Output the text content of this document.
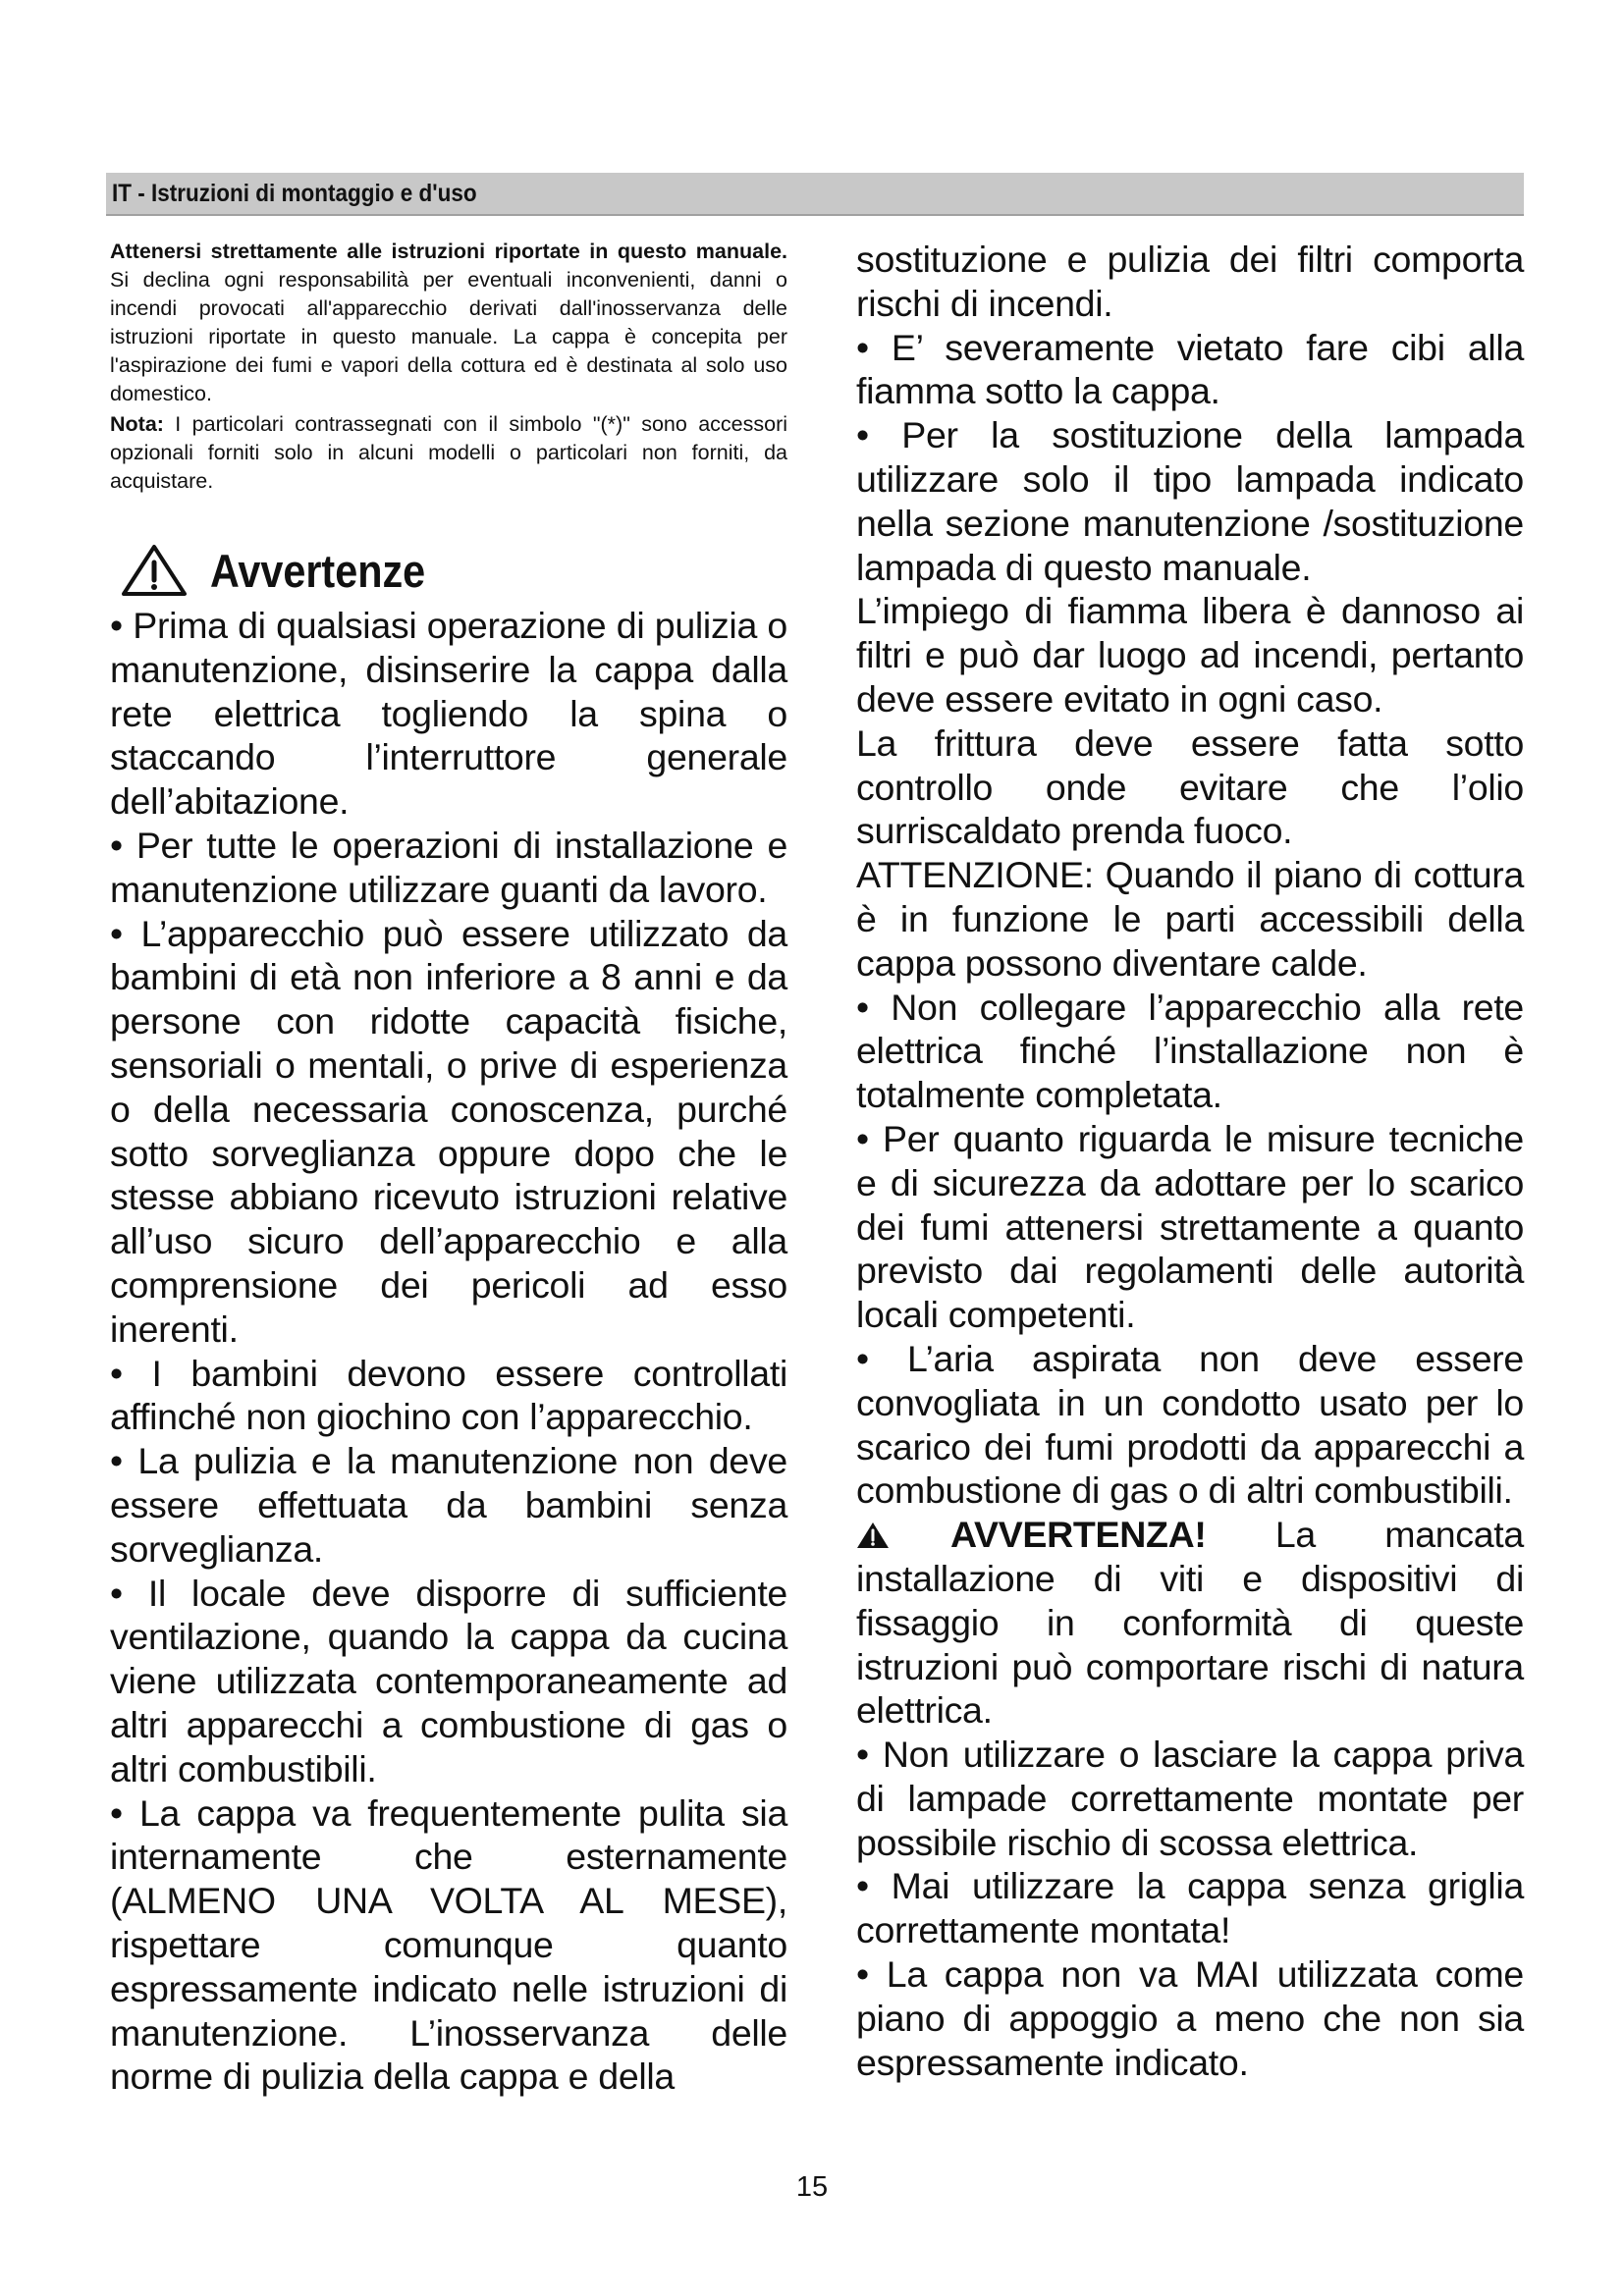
IT - Istruzioni di montaggio e d'uso
Attenersi strettamente alle istruzioni riportate in questo manuale. Si declina ogni responsabilità per eventuali inconvenienti, danni o incendi provocati all'apparecchio derivati dall'inosservanza delle istruzioni riportate in questo manuale. La cappa è concepita per l'aspirazione dei fumi e vapori della cottura ed è destinata al solo uso domestico.
Nota: I particolari contrassegnati con il simbolo "(*)" sono accessori opzionali forniti solo in alcuni modelli o particolari non forniti, da acquistare.
Avvertenze

• Prima di qualsiasi operazione di pulizia o manutenzione, disinserire la cappa dalla rete elettrica togliendo la spina o staccando l’interruttore generale dell’abitazione.

• Per tutte le operazioni di installazione e manutenzione utilizzare guanti da lavoro.

• L’apparecchio può essere utilizzato da bambini di età non inferiore a 8 anni e da persone con ridotte capacità fisiche, sensoriali o mentali, o prive di esperienza o della necessaria conoscenza, purché sotto sorveglianza oppure dopo che le stesse abbiano ricevuto istruzioni relative all’uso sicuro dell’apparecchio e alla comprensione dei pericoli ad esso inerenti.

• I bambini devono essere controllati affinché non giochino con l’apparecchio.

• La pulizia e la manutenzione non deve essere effettuata da bambini senza sorveglianza.

• Il locale deve disporre di sufficiente ventilazione, quando la cappa da cucina viene utilizzata contemporaneamente ad altri apparecchi a combustione di gas o altri combustibili.

• La cappa va frequentemente pulita sia internamente che esternamente (ALMENO UNA VOLTA AL MESE), rispettare comunque quanto espressamente indicato nelle istruzioni di manutenzione. L’inosservanza delle norme di pulizia della cappa e della

sostituzione e pulizia dei filtri comporta rischi di incendi.

• E’ severamente vietato fare cibi alla fiamma sotto la cappa.

• Per la sostituzione della lampada utilizzare solo il tipo lampada indicato nella sezione manutenzione /sostituzione lampada di questo manuale.

L’impiego di fiamma libera è dannoso ai filtri e può dar luogo ad incendi, pertanto deve essere evitato in ogni caso.

La frittura deve essere fatta sotto controllo onde evitare che l’olio surriscaldato prenda fuoco.

ATTENZIONE: Quando il piano di cottura è in funzione le parti accessibili della cappa possono diventare calde.

• Non collegare l’apparecchio alla rete elettrica finché l’installazione non è totalmente completata.

• Per quanto riguarda le misure tecniche e di sicurezza da adottare per lo scarico dei fumi attenersi strettamente a quanto previsto dai regolamenti delle autorità locali competenti.

• L’aria aspirata non deve essere convogliata in un condotto usato per lo scarico dei fumi prodotti da apparecchi a combustione di gas o di altri combustibili.

AVVERTENZA! La mancata installazione di viti e dispositivi di fissaggio in conformità di queste istruzioni può comportare rischi di natura elettrica.

• Non utilizzare o lasciare la cappa priva di lampade correttamente montate per possibile rischio di scossa elettrica.

• Mai utilizzare la cappa senza griglia correttamente montata!

• La cappa non va MAI utilizzata come piano di appoggio a meno che non sia espressamente indicato.

15
